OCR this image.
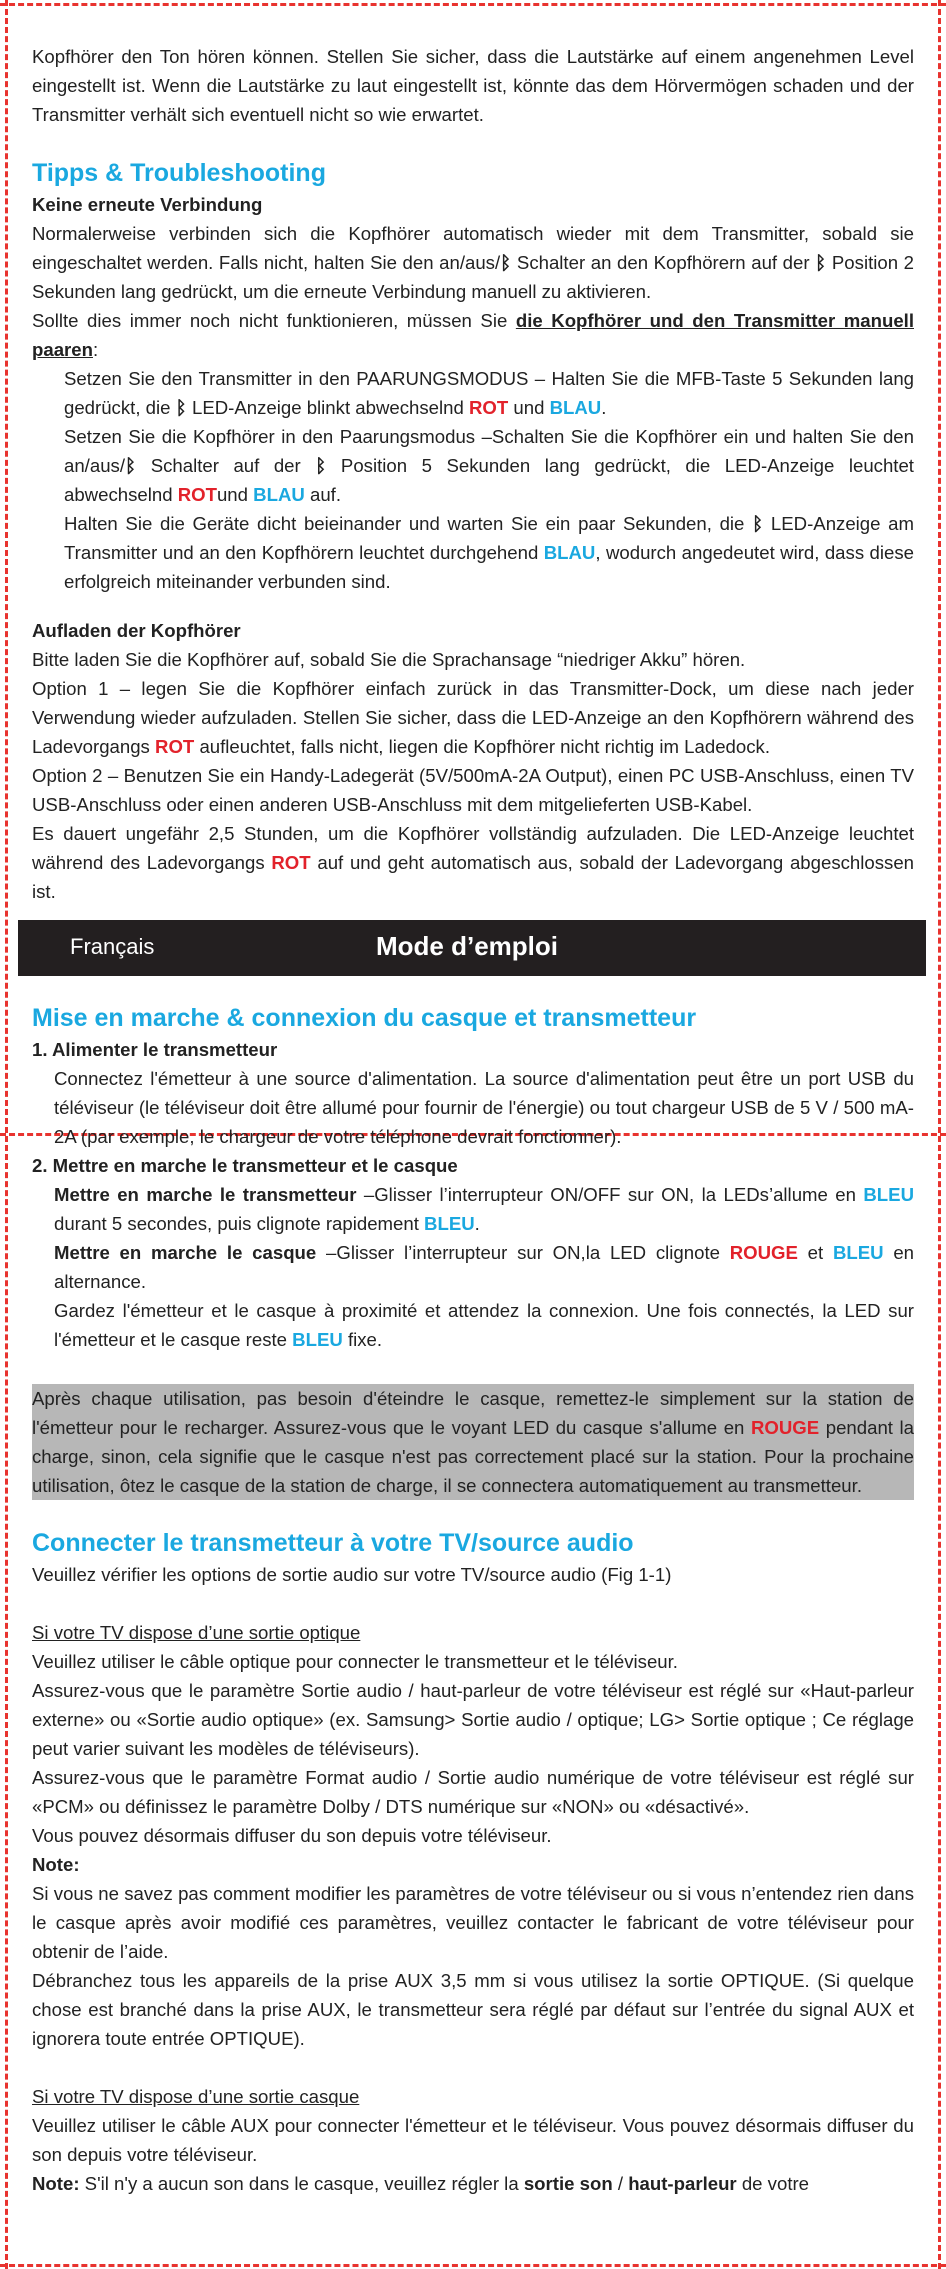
Kopfhörer den Ton hören können. Stellen Sie sicher, dass die Lautstärke auf einem angenehmen Level eingestellt ist. Wenn die Lautstärke zu laut eingestellt ist, könnte das dem Hörvermögen schaden und der Transmitter verhält sich eventuell nicht so wie erwartet.

Tipps & Troubleshooting

Keine erneute Verbindung

Normalerweise verbinden sich die Kopfhörer automatisch wieder mit dem Transmitter, sobald sie eingeschaltet werden. Falls nicht, halten Sie den an/aus/ᛒ Schalter an den Kopfhörern auf der ᛒ Position 2 Sekunden lang gedrückt, um die erneute Verbindung manuell zu aktivieren.

Sollte dies immer noch nicht funktionieren, müssen Sie die Kopfhörer und den Transmitter manuell paaren:

Setzen Sie den Transmitter in den PAARUNGSMODUS – Halten Sie die MFB-Taste 5 Sekunden lang gedrückt, die ᛒ LED-Anzeige blinkt abwechselnd ROT und BLAU.

Setzen Sie die Kopfhörer in den Paarungsmodus –Schalten Sie die Kopfhörer ein und halten Sie den an/aus/ᛒ Schalter auf der ᛒ Position 5 Sekunden lang gedrückt, die LED-Anzeige leuchtet abwechselnd ROTund BLAU auf.

Halten Sie die Geräte dicht beieinander und warten Sie ein paar Sekunden, die ᛒ LED-Anzeige am Transmitter und an den Kopfhörern leuchtet durchgehend BLAU, wodurch angedeutet wird, dass diese erfolgreich miteinander verbunden sind.

Aufladen der Kopfhörer

Bitte laden Sie die Kopfhörer auf, sobald Sie die Sprachansage “niedriger Akku” hören.

Option 1 – legen Sie die Kopfhörer einfach zurück in das Transmitter-Dock, um diese nach jeder Verwendung wieder aufzuladen. Stellen Sie sicher, dass die LED-Anzeige an den Kopfhörern während des Ladevorgangs ROT aufleuchtet, falls nicht, liegen die Kopfhörer nicht richtig im Ladedock.

Option 2 – Benutzen Sie ein Handy-Ladegerät (5V/500mA-2A Output), einen PC USB-Anschluss, einen TV USB-Anschluss oder einen anderen USB-Anschluss mit dem mitgelieferten USB-Kabel.

Es dauert ungefähr 2,5 Stunden, um die Kopfhörer vollständig aufzuladen. Die LED-Anzeige leuchtet während des Ladevorgangs ROT auf und geht automatisch aus, sobald der Ladevorgang abgeschlossen ist.

Français	Mode d’emploi

Mise en marche & connexion du casque et transmetteur

1. Alimenter le transmetteur

Connectez l'émetteur à une source d'alimentation. La source d'alimentation peut être un port USB du téléviseur (le téléviseur doit être allumé pour fournir de l'énergie) ou tout chargeur USB de 5 V / 500 mA-2A (par exemple, le chargeur de votre téléphone devrait fonctionner).

2. Mettre en marche le transmetteur et le casque

Mettre en marche le transmetteur –Glisser l’interrupteur ON/OFF sur ON, la LEDs’allume en BLEU durant 5 secondes, puis clignote rapidement BLEU.

Mettre en marche le casque –Glisser l’interrupteur sur ON,la LED clignote ROUGE et BLEU en alternance.

Gardez l'émetteur et le casque à proximité et attendez la connexion. Une fois connectés, la LED sur l'émetteur et le casque reste BLEU fixe.

Après chaque utilisation, pas besoin d'éteindre le casque, remettez-le simplement sur la station de l'émetteur pour le recharger. Assurez-vous que le voyant LED du casque s'allume en ROUGE pendant la charge, sinon, cela signifie que le casque n'est pas correctement placé sur la station. Pour la prochaine utilisation, ôtez le casque de la station de charge, il se connectera automatiquement au transmetteur.

Connecter le transmetteur à votre TV/source audio

Veuillez vérifier les options de sortie audio sur votre TV/source audio (Fig 1-1)

Si votre TV dispose d’une sortie optique

Veuillez utiliser le câble optique pour connecter le transmetteur et le téléviseur.

Assurez-vous que le paramètre Sortie audio / haut-parleur de votre téléviseur est réglé sur «Haut-parleur externe» ou «Sortie audio optique» (ex. Samsung> Sortie audio / optique; LG> Sortie optique ; Ce réglage peut varier suivant les modèles de téléviseurs).

Assurez-vous que le paramètre Format audio / Sortie audio numérique de votre téléviseur est réglé sur «PCM» ou définissez le paramètre Dolby / DTS numérique sur «NON» ou «désactivé».

Vous pouvez désormais diffuser du son depuis votre téléviseur.

Note:

Si vous ne savez pas comment modifier les paramètres de votre téléviseur ou si vous n’entendez rien dans le casque après avoir modifié ces paramètres, veuillez contacter le fabricant de votre téléviseur pour obtenir de l’aide.

Débranchez tous les appareils de la prise AUX 3,5 mm si vous utilisez la sortie OPTIQUE. (Si quelque chose est branché dans la prise AUX, le transmetteur sera réglé par défaut sur l’entrée du signal AUX et ignorera toute entrée OPTIQUE).

Si votre TV dispose d’une sortie casque

Veuillez utiliser le câble AUX pour connecter l'émetteur et le téléviseur. Vous pouvez désormais diffuser du son depuis votre téléviseur.

Note: S'il n'y a aucun son dans le casque, veuillez régler la sortie son / haut-parleur de votre
